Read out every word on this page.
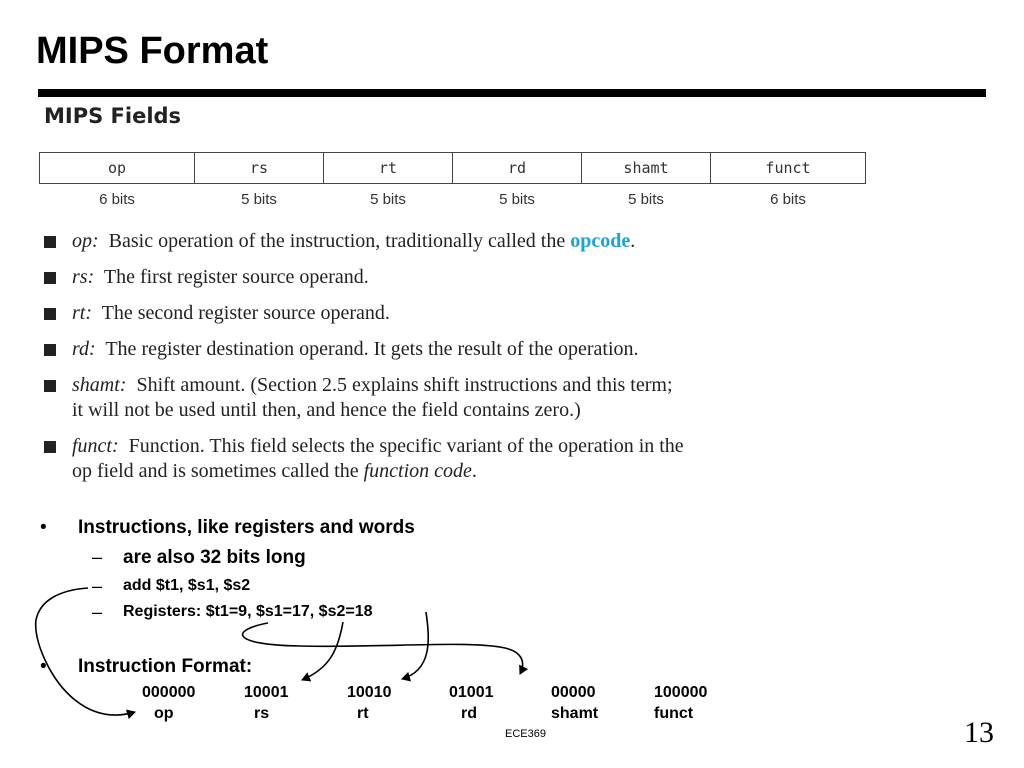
MIPS Format
MIPS Fields
op	rs	rt	rd	shamt	funct
6 bits	5 bits	5 bits	5 bits	5 bits	6 bits
op: Basic operation of the instruction, traditionally called the opcode.
rs: The first register source operand.
rt: The second register source operand.
rd: The register destination operand. It gets the result of the operation.
shamt: Shift amount. (Section 2.5 explains shift instructions and this term;
it will not be used until then, and hence the field contains zero.)
funct: Function. This field selects the specific variant of the operation in the
op field and is sometimes called the function code.
• Instructions, like registers and words
– are also 32 bits long
– add $t1, $s1, $s2
– Registers: $t1=9, $s1=17, $s2=18
• Instruction Format:
000000	10001	10010	01001	00000	100000
op	rs	rt	rd	shamt	funct
ECE369	13
